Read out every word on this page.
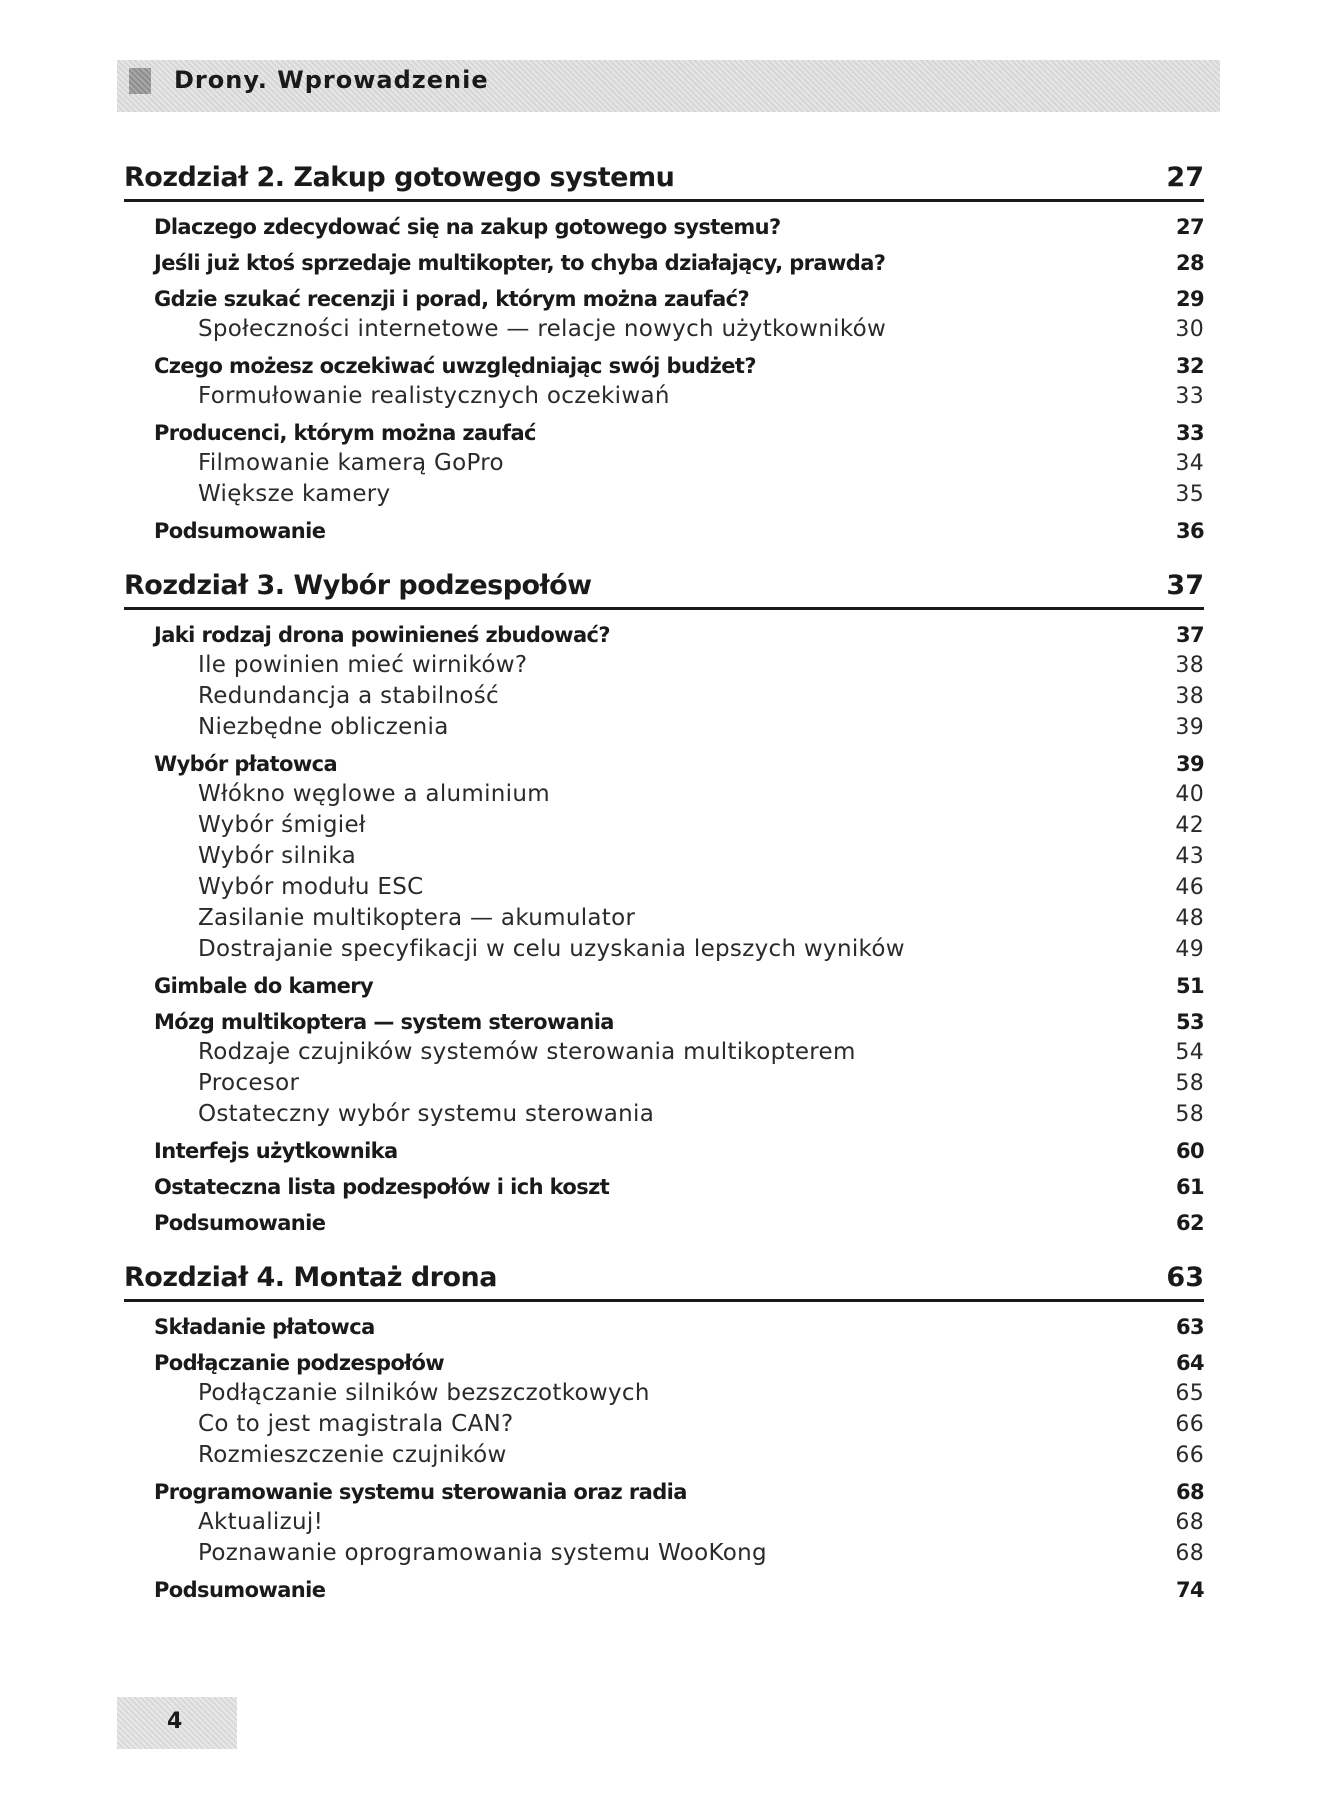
Drony. Wprowadzenie
Rozdział 2. Zakup gotowego systemu	27
Dlaczego zdecydować się na zakup gotowego systemu?	27
Jeśli już ktoś sprzedaje multikopter, to chyba działający, prawda?	28
Gdzie szukać recenzji i porad, którym można zaufać?	29
Społeczności internetowe — relacje nowych użytkowników	30
Czego możesz oczekiwać uwzględniając swój budżet?	32
Formułowanie realistycznych oczekiwań	33
Producenci, którym można zaufać	33
Filmowanie kamerą GoPro	34
Większe kamery	35
Podsumowanie	36
Rozdział 3. Wybór podzespołów	37
Jaki rodzaj drona powinieneś zbudować?	37
Ile powinien mieć wirników?	38
Redundancja a stabilność	38
Niezbędne obliczenia	39
Wybór płatowca	39
Włókno węglowe a aluminium	40
Wybór śmigieł	42
Wybór silnika	43
Wybór modułu ESC	46
Zasilanie multikoptera — akumulator	48
Dostrajanie specyfikacji w celu uzyskania lepszych wyników	49
Gimbale do kamery	51
Mózg multikoptera — system sterowania	53
Rodzaje czujników systemów sterowania multikopterem	54
Procesor	58
Ostateczny wybór systemu sterowania	58
Interfejs użytkownika	60
Ostateczna lista podzespołów i ich koszt	61
Podsumowanie	62
Rozdział 4. Montaż drona	63
Składanie płatowca	63
Podłączanie podzespołów	64
Podłączanie silników bezszczotkowych	65
Co to jest magistrala CAN?	66
Rozmieszczenie czujników	66
Programowanie systemu sterowania oraz radia	68
Aktualizuj!	68
Poznawanie oprogramowania systemu WooKong	68
Podsumowanie	74
4
